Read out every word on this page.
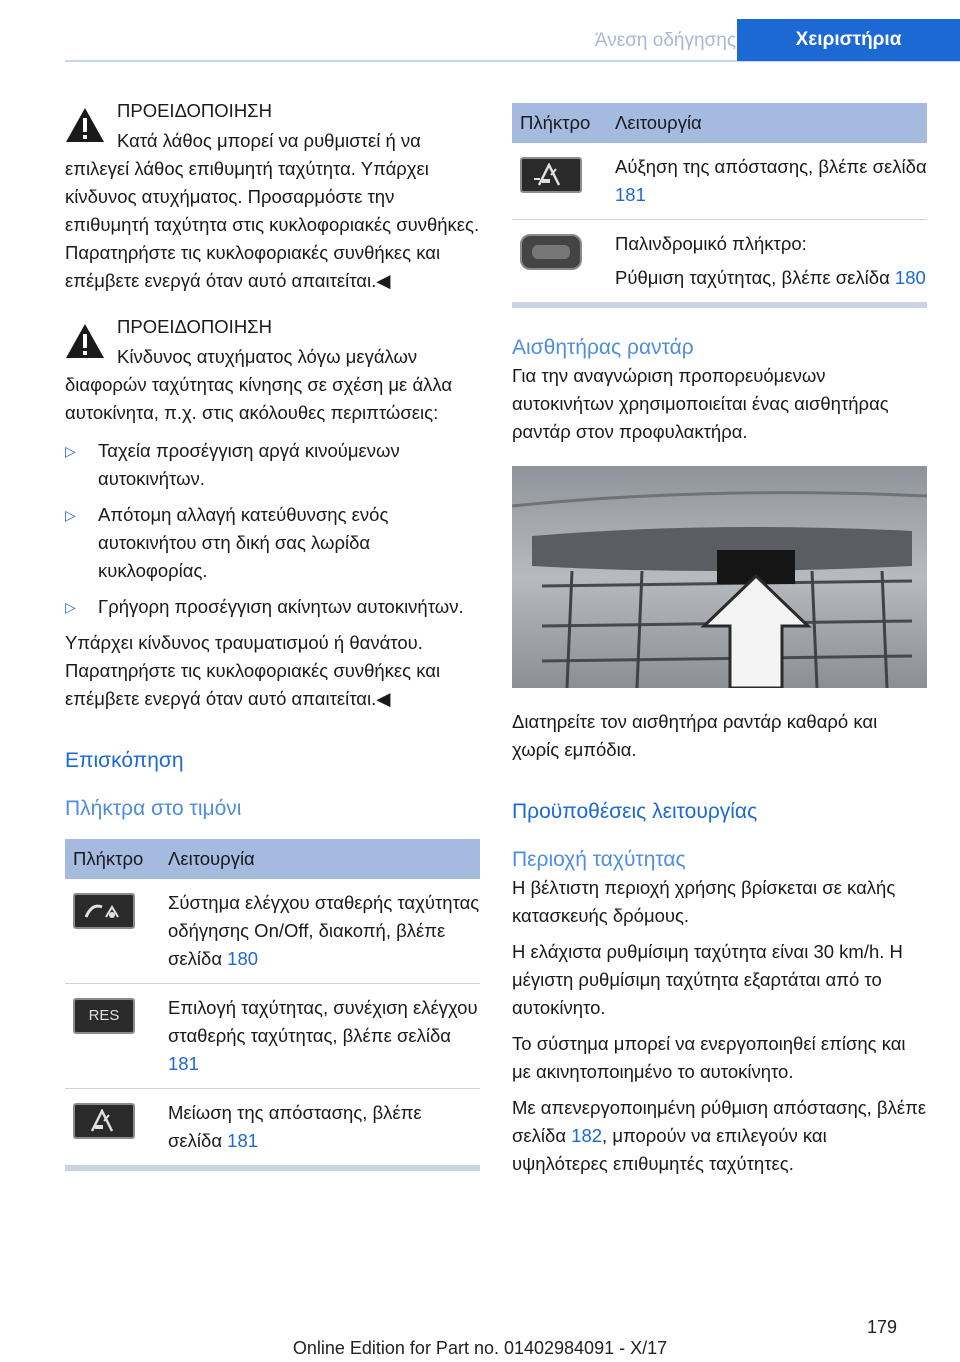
Άνεση οδήγησης	Χειριστήρια

ΠΡΟΕΙΔΟΠΟΙΗΣΗ

Κατά λάθος μπορεί να ρυθμιστεί ή να επιλεγεί λάθος επιθυμητή ταχύτητα. Υπάρχει κίνδυνος ατυχήματος. Προσαρμόστε την επιθυμητή ταχύτητα στις κυκλοφοριακές συνθήκες. Παρατηρήστε τις κυκλοφοριακές συνθήκες και επέμβετε ενεργά όταν αυτό απαιτείται.◀

ΠΡΟΕΙΔΟΠΟΙΗΣΗ

Κίνδυνος ατυχήματος λόγω μεγάλων διαφορών ταχύτητας κίνησης σε σχέση με άλλα αυτοκίνητα, π.χ. στις ακόλουθες περιπτώσεις:

▷ Ταχεία προσέγγιση αργά κινούμενων αυτοκινήτων.
▷ Απότομη αλλαγή κατεύθυνσης ενός αυτοκινήτου στη δική σας λωρίδα κυκλοφορίας.
▷ Γρήγορη προσέγγιση ακίνητων αυτοκινήτων.

Υπάρχει κίνδυνος τραυματισμού ή θανάτου. Παρατηρήστε τις κυκλοφοριακές συνθήκες και επέμβετε ενεργά όταν αυτό απαιτείται.◀

Επισκόπηση
Πλήκτρα στο τιμόνι
Πλήκτρο	Λειτουργία

	Σύστημα ελέγχου σταθερής ταχύτητας οδήγησης On/Off, διακοπή, βλέπε σελίδα 180

RES	Επιλογή ταχύτητας, συνέχιση ελέγχου σταθερής ταχύτητας, βλέπε σελίδα 181

	Μείωση της απόστασης, βλέπε σελίδα 181
Πλήκτρο	Λειτουργία

	Αύξηση της απόστασης, βλέπε σελίδα 181

Παλινδρομικό πλήκτρο:

Ρύθμιση ταχύτητας, βλέπε σελίδα 180

Αισθητήρας ραντάρ

Για την αναγνώριση προπορευόμενων αυτοκινήτων χρησιμοποιείται ένας αισθητήρας ραντάρ στον προφυλακτήρα.

Διατηρείτε τον αισθητήρα ραντάρ καθαρό και χωρίς εμπόδια.

Προϋποθέσεις λειτουργίας
Περιοχή ταχύτητας

Η βέλτιστη περιοχή χρήσης βρίσκεται σε καλής κατασκευής δρόμους.

Η ελάχιστα ρυθμίσιμη ταχύτητα είναι 30 km/h. Η μέγιστη ρυθμίσιμη ταχύτητα εξαρτάται από το αυτοκίνητο.

Το σύστημα μπορεί να ενεργοποιηθεί επίσης και με ακινητοποιημένο το αυτοκίνητο.

Με απενεργοποιημένη ρύθμιση απόστασης, βλέπε σελίδα 182, μπορούν να επιλεγούν και υψηλότερες επιθυμητές ταχύτητες.

179
Online Edition for Part no. 01402984091 - X/17
